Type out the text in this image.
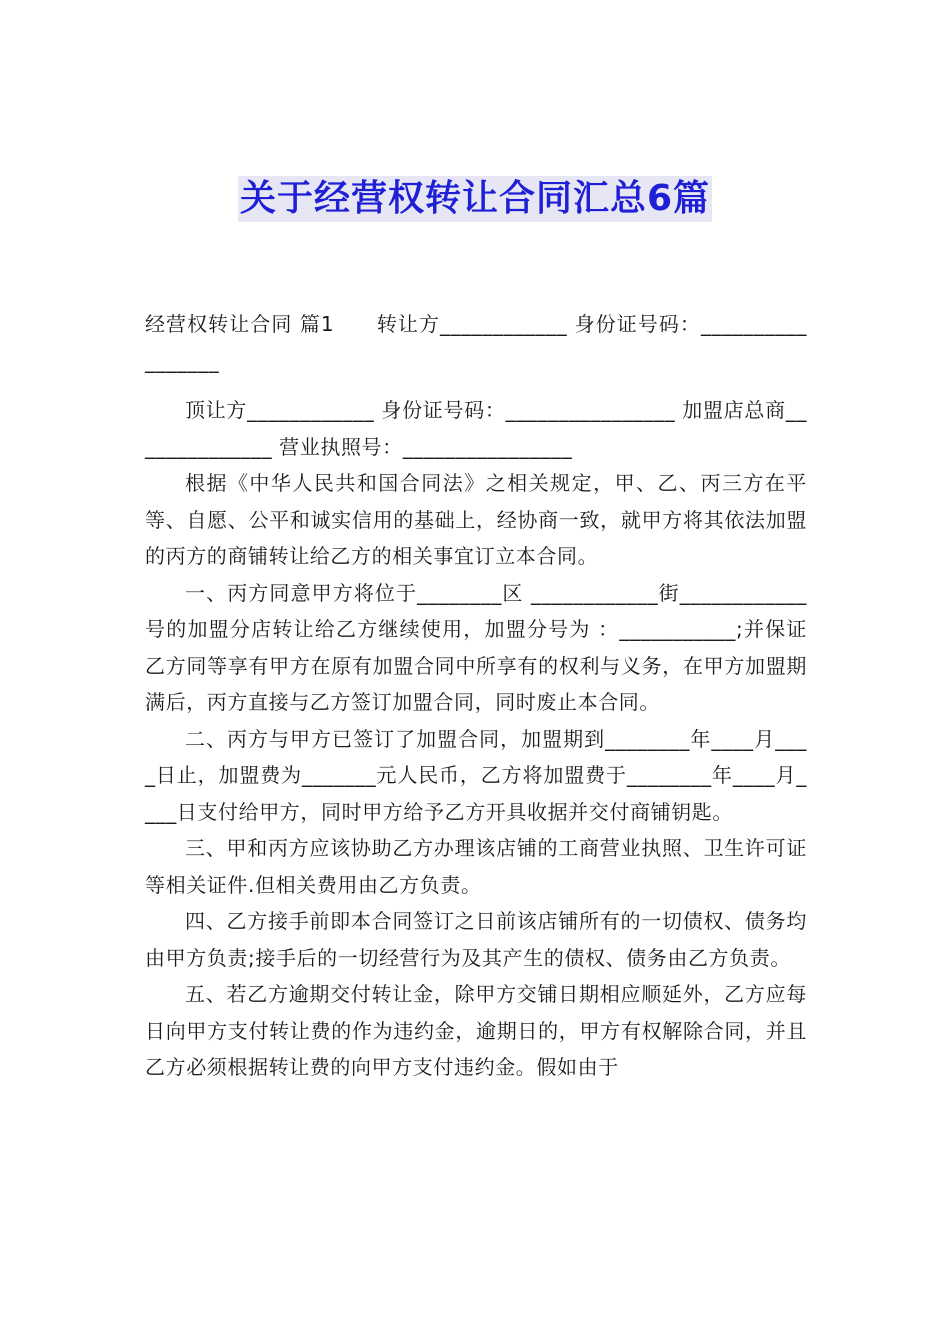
关于经营权转让合同汇总6篇

经营权转让合同 篇1　　转让方____________ 身份证号码：_________________

顶让方____________ 身份证号码：________________ 加盟店总商______________ 营业执照号：________________

根据《中华人民共和国合同法》之相关规定，甲、乙、丙三方在平等、自愿、公平和诚实信用的基础上，经协商一致，就甲方将其依法加盟的丙方的商铺转让给乙方的相关事宜订立本合同。

一、丙方同意甲方将位于________区 ____________街____________号的加盟分店转让给乙方继续使用，加盟分号为 ：___________;并保证乙方同等享有甲方在原有加盟合同中所享有的权利与义务，在甲方加盟期满后，丙方直接与乙方签订加盟合同，同时废止本合同。

二、丙方与甲方已签订了加盟合同，加盟期到________年____月____日止，加盟费为_______元人民币，乙方将加盟费于________年____月____日支付给甲方，同时甲方给予乙方开具收据并交付商铺钥匙。

三、甲和丙方应该协助乙方办理该店铺的工商营业执照、卫生许可证等相关证件.但相关费用由乙方负责。

四、乙方接手前即本合同签订之日前该店铺所有的一切债权、债务均由甲方负责;接手后的一切经营行为及其产生的债权、债务由乙方负责。

五、若乙方逾期交付转让金，除甲方交铺日期相应顺延外，乙方应每日向甲方支付转让费的作为违约金，逾期日的，甲方有权解除合同，并且乙方必须根据转让费的向甲方支付违约金。假如由于
